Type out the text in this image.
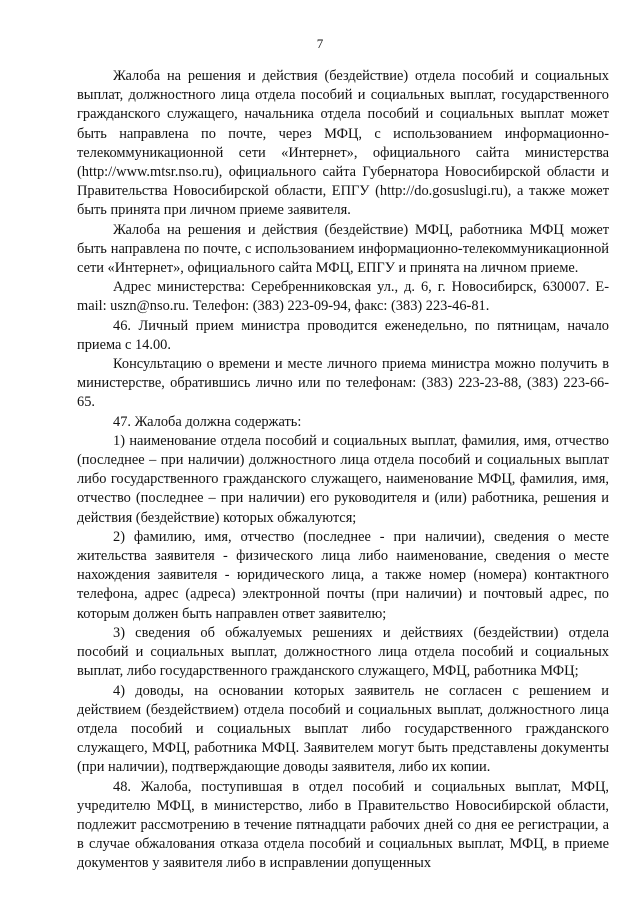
7

Жалоба на решения и действия (бездействие) отдела пособий и социальных выплат, должностного лица отдела пособий и социальных выплат, государственного гражданского служащего, начальника отдела пособий и социальных выплат может быть направлена по почте, через МФЦ, с использованием информационно-телекоммуникационной сети «Интернет», официального сайта министерства (http://www.mtsr.nso.ru), официального сайта Губернатора Новосибирской области и Правительства Новосибирской области, ЕПГУ (http://do.gosuslugi.ru), а также может быть принята при личном приеме заявителя.

Жалоба на решения и действия (бездействие) МФЦ, работника МФЦ может быть направлена по почте, с использованием информационно-телекоммуникационной сети «Интернет», официального сайта МФЦ, ЕПГУ и принята на личном приеме.

Адрес министерства: Серебренниковская ул., д. 6, г. Новосибирск, 630007. E-mail: uszn@nso.ru. Телефон: (383) 223-09-94, факс: (383) 223-46-81.

46. Личный прием министра проводится еженедельно, по пятницам, начало приема с 14.00.

Консультацию о времени и месте личного приема министра можно получить в министерстве, обратившись лично или по телефонам: (383) 223-23-88, (383) 223-66-65.

47. Жалоба должна содержать:

1) наименование отдела пособий и социальных выплат, фамилия, имя, отчество (последнее – при наличии) должностного лица отдела пособий и социальных выплат либо государственного гражданского служащего, наименование МФЦ, фамилия, имя, отчество (последнее – при наличии) его руководителя и (или) работника, решения и действия (бездействие) которых обжалуются;

2) фамилию, имя, отчество (последнее - при наличии), сведения о месте жительства заявителя - физического лица либо наименование, сведения о месте нахождения заявителя - юридического лица, а также номер (номера) контактного телефона, адрес (адреса) электронной почты (при наличии) и почтовый адрес, по которым должен быть направлен ответ заявителю;

3) сведения об обжалуемых решениях и действиях (бездействии) отдела пособий и социальных выплат, должностного лица отдела пособий и социальных выплат, либо государственного гражданского служащего, МФЦ, работника МФЦ;

4) доводы, на основании которых заявитель не согласен с решением и действием (бездействием) отдела пособий и социальных выплат, должностного лица отдела пособий и социальных выплат либо государственного гражданского служащего, МФЦ, работника МФЦ. Заявителем могут быть представлены документы (при наличии), подтверждающие доводы заявителя, либо их копии.

48. Жалоба, поступившая в отдел пособий и социальных выплат, МФЦ, учредителю МФЦ, в министерство, либо в Правительство Новосибирской области, подлежит рассмотрению в течение пятнадцати рабочих дней со дня ее регистрации, а в случае обжалования отказа отдела пособий и социальных выплат, МФЦ, в приеме документов у заявителя либо в исправлении допущенных
